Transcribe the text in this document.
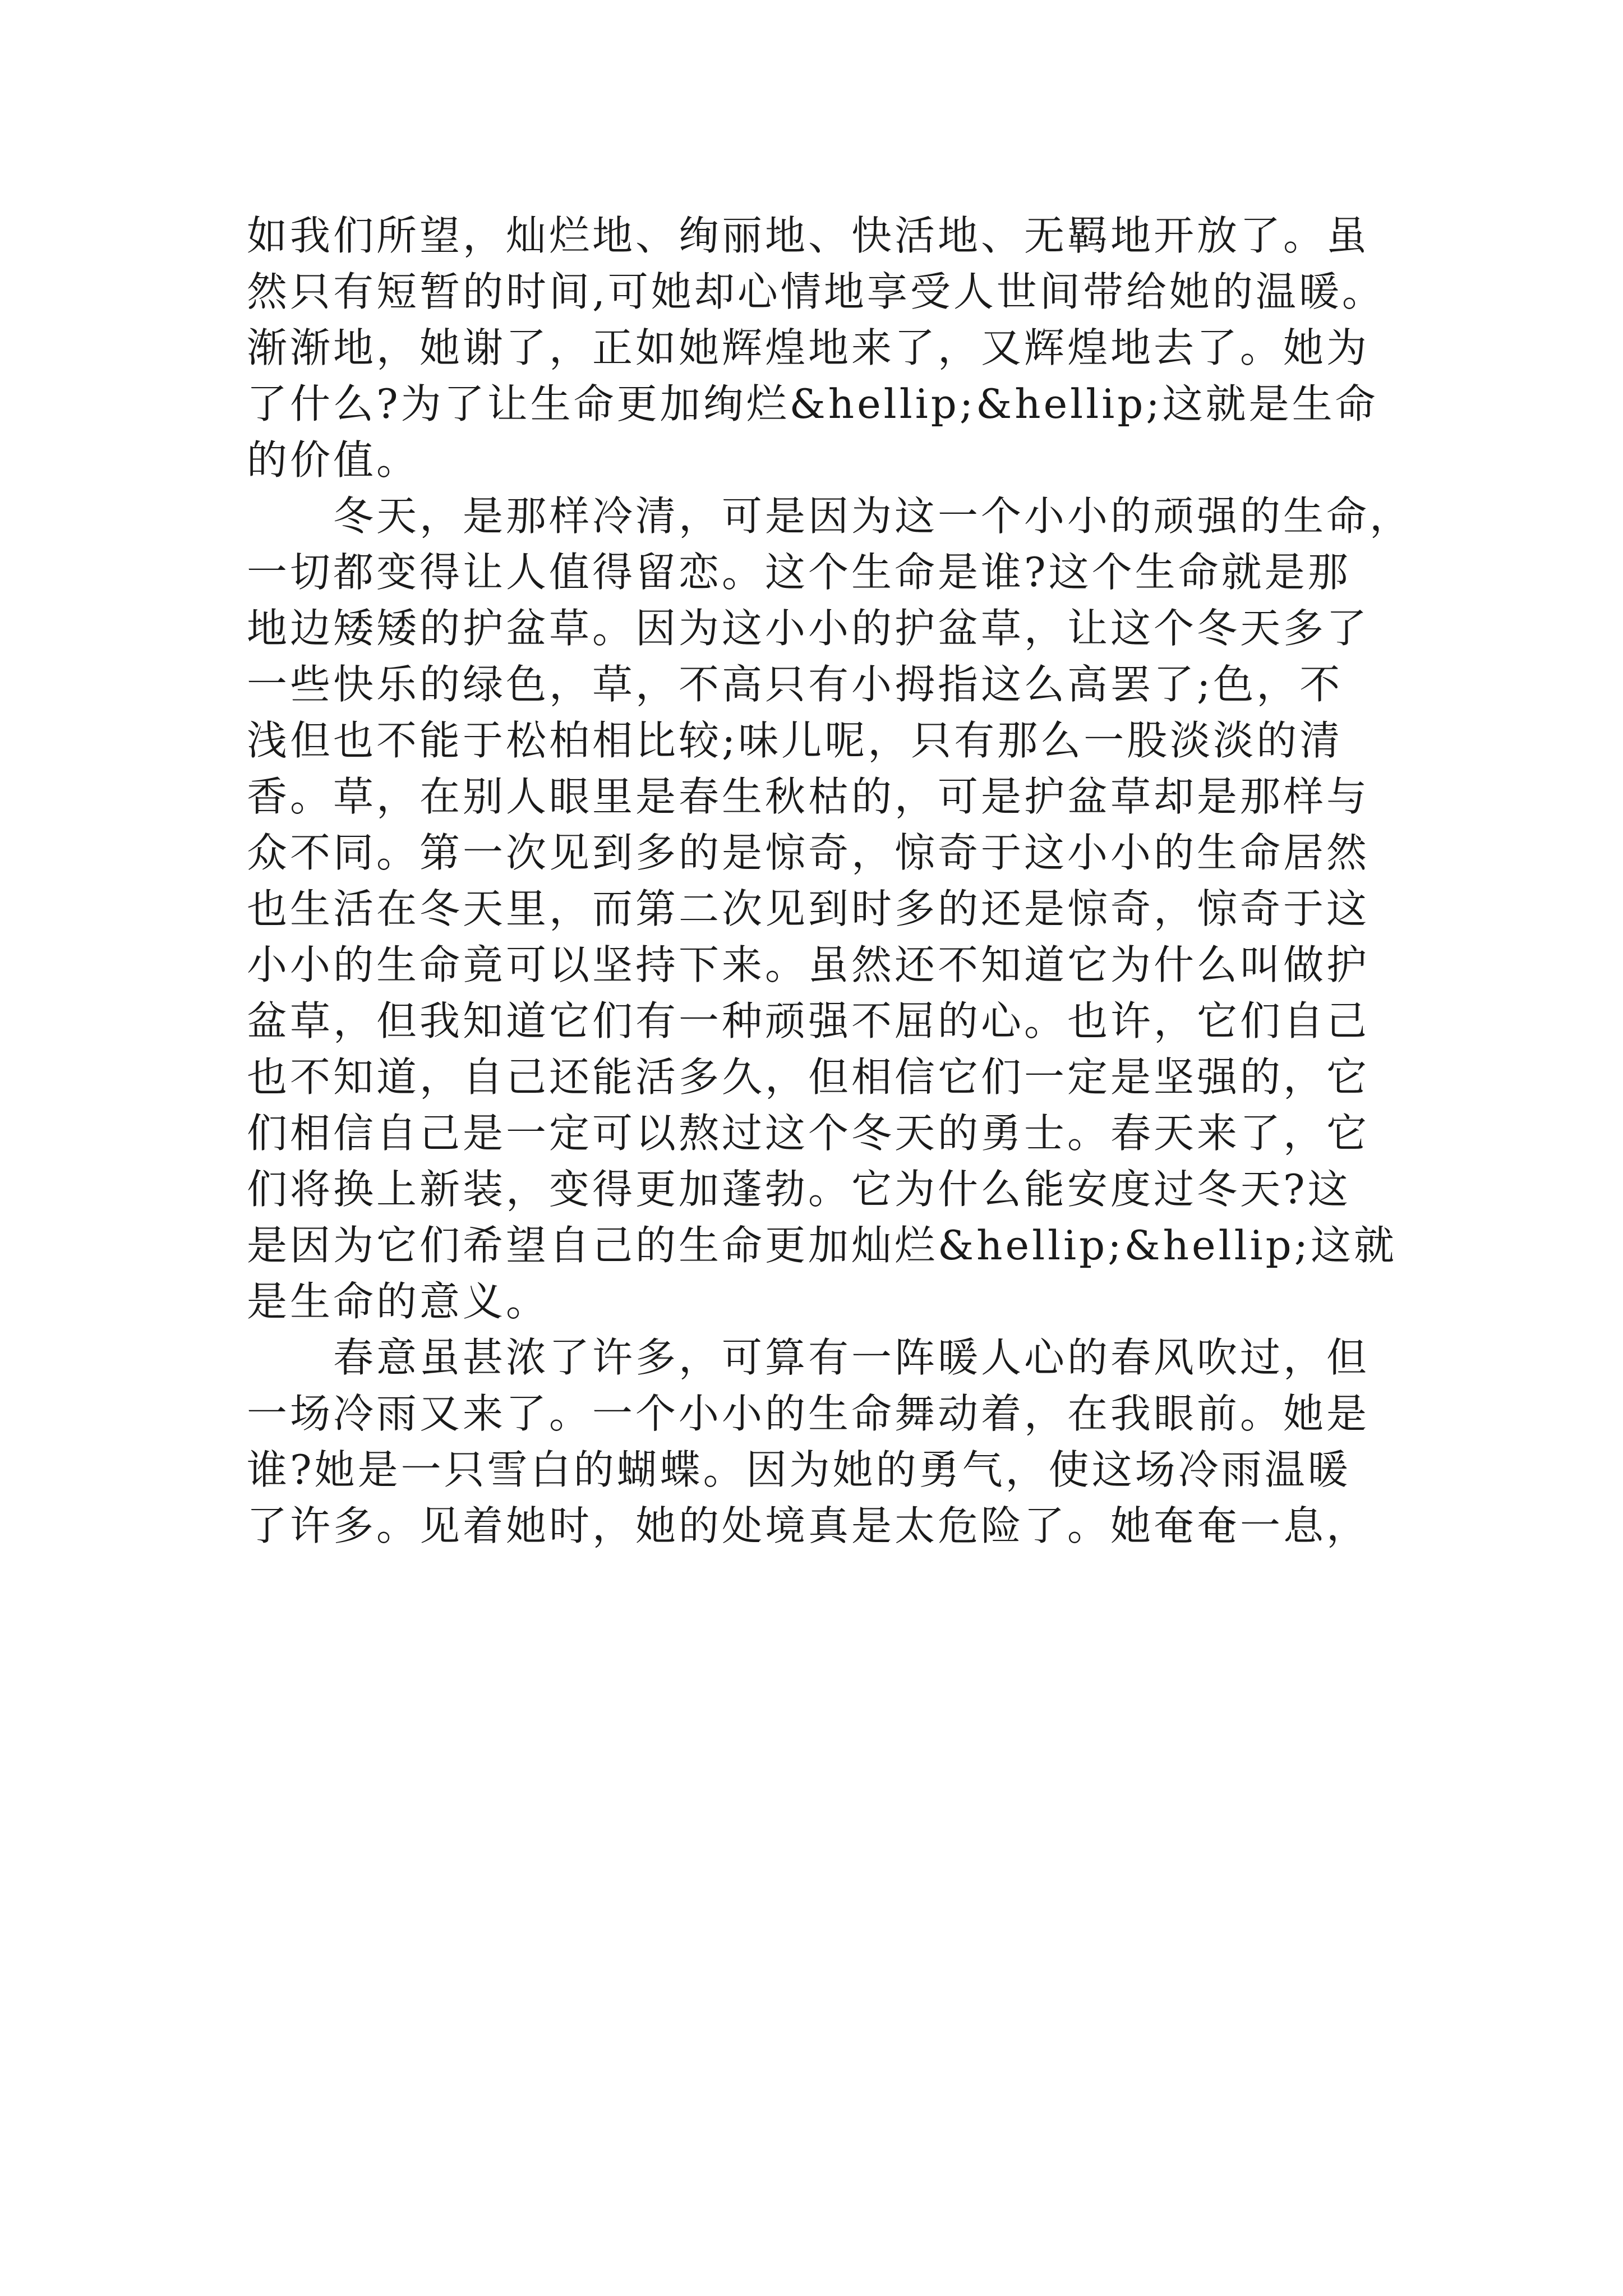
如我们所望，灿烂地、绚丽地、快活地、无羁地开放了。虽

然只有短暂的时间,可她却心情地享受人世间带给她的温暖。

渐渐地，她谢了，正如她辉煌地来了，又辉煌地去了。她为

了什么?为了让生命更加绚烂&hellip;&hellip;这就是生命

的价值。

　　冬天，是那样冷清，可是因为这一个小小的顽强的生命，

一切都变得让人值得留恋。这个生命是谁?这个生命就是那

地边矮矮的护盆草。因为这小小的护盆草，让这个冬天多了

一些快乐的绿色，草，不高只有小拇指这么高罢了;色，不

浅但也不能于松柏相比较;味儿呢，只有那么一股淡淡的清

香。草，在别人眼里是春生秋枯的，可是护盆草却是那样与

众不同。第一次见到多的是惊奇，惊奇于这小小的生命居然

也生活在冬天里，而第二次见到时多的还是惊奇，惊奇于这

小小的生命竟可以坚持下来。虽然还不知道它为什么叫做护

盆草，但我知道它们有一种顽强不屈的心。也许，它们自己

也不知道，自己还能活多久，但相信它们一定是坚强的，它

们相信自己是一定可以熬过这个冬天的勇士。春天来了，它

们将换上新装，变得更加蓬勃。它为什么能安度过冬天?这

是因为它们希望自己的生命更加灿烂&hellip;&hellip;这就

是生命的意义。

　　春意虽甚浓了许多，可算有一阵暖人心的春风吹过，但

一场冷雨又来了。一个小小的生命舞动着，在我眼前。她是

谁?她是一只雪白的蝴蝶。因为她的勇气，使这场冷雨温暖

了许多。见着她时，她的处境真是太危险了。她奄奄一息，
